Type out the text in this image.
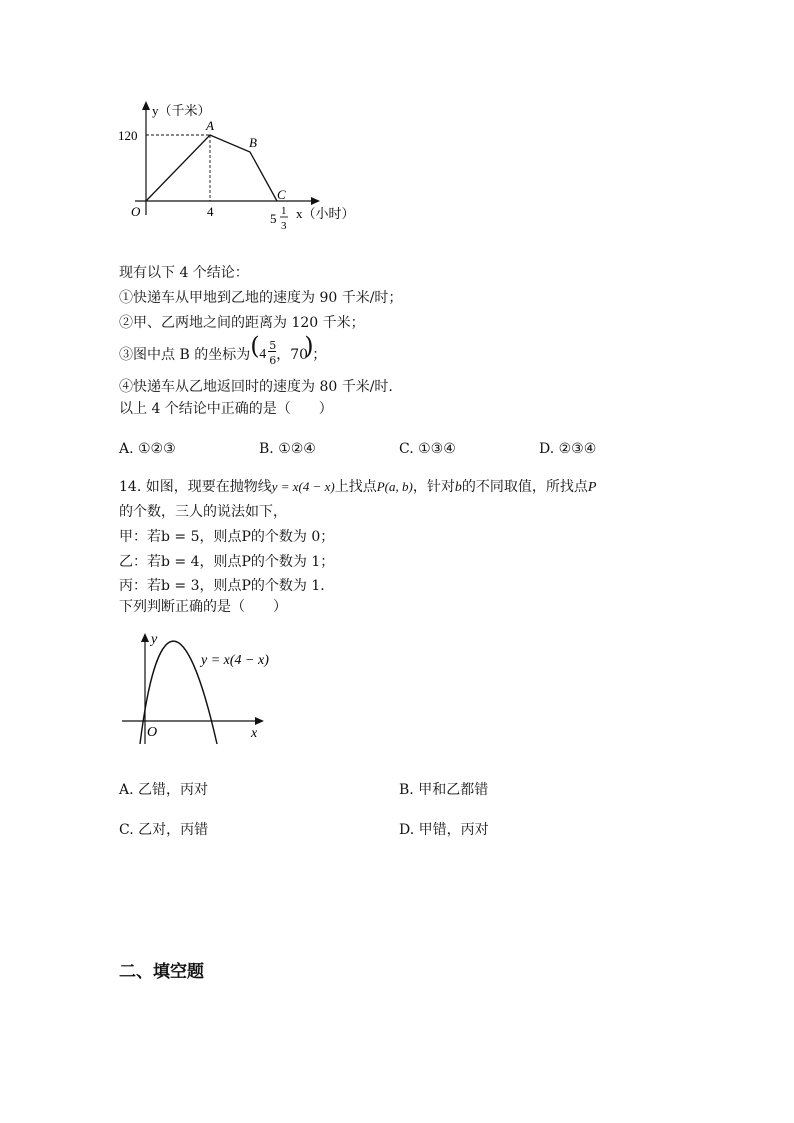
y（千米）
120
A
B
C
O	4	5 1
3
x（小时）
现有以下 4 个结论：
①快递车从甲地到乙地的速度为 90 千米/时；
②甲、乙两地之间的距离为 120 千米；
③图中点 B 的坐标为 ( 4
5
6 ，70
)
；
④快递车从乙地返回时的速度为 80 千米/时.
以上 4 个结论中正确的是（　　）
A. ①②③	B. ①②④	C. ①③④	D. ②③④
14. 如图，现要在抛物线y = x(4 − x)上找点P(a, b)，针对b的不同取值，所找点P
的个数，三人的说法如下，
甲：若b = 5，则点P的个数为 0；
乙：若b = 4，则点P的个数为 1；
丙：若b = 3，则点P的个数为 1.
下列判断正确的是（　　）
y
x
O
y = x(4 − x)
A. 乙错，丙对	B. 甲和乙都错
C. 乙对，丙错	D. 甲错，丙对
二、填空题
